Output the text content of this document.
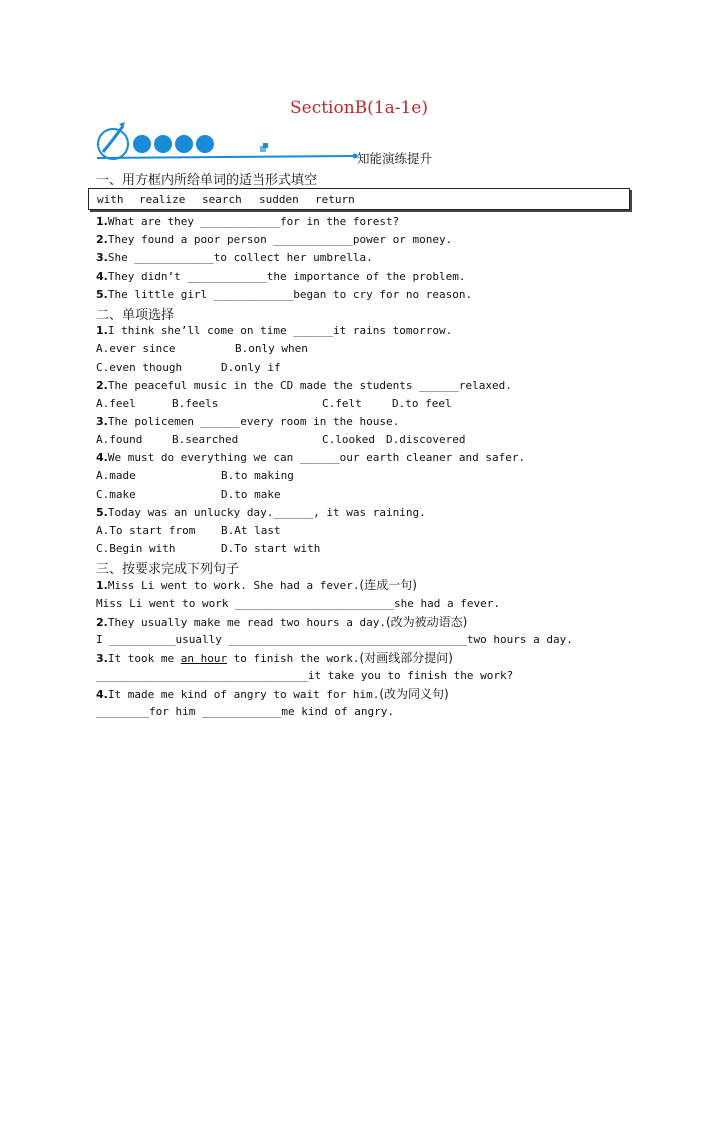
SectionB(1a-1e)
知能演练提升
一、用方框内所给单词的适当形式填空
with realize search sudden return
1.What are they ____________for in the forest?
2.They found a poor person ____________power or money.
3.She ____________to collect her umbrella.
4.They didn’t ____________the importance of the problem.
5.The little girl ____________began to cry for no reason.
二、单项选择
1.I think she’ll come on time ______it rains tomorrow.
A.ever since	B.only when
C.even though	D.only if
2.The peaceful music in the CD made the students ______relaxed.
A.feel	B.feels	C.felt	D.to feel
3.The policemen ______every room in the house.
A.found	B.searched	C.looked D.discovered
4.We must do everything we can ______our earth cleaner and safer.
A.made	B.to making
C.make	D.to make
5.Today was an unlucky day.______, it was raining.
A.To start from B.At last
C.Begin with	D.To start with
三、按要求完成下列句子
1.Miss Li went to work. She had a fever.(连成一句)
Miss Li went to work ________________________she had a fever.
2.They usually make me read two hours a day.(改为被动语态)
I __________usually ____________________________________two hours a day.
3.It took me an hour to finish the work.(对画线部分提问)
________________________________it take you to finish the work?
4.It made me kind of angry to wait for him.(改为同义句)
________for him ____________me kind of angry.
